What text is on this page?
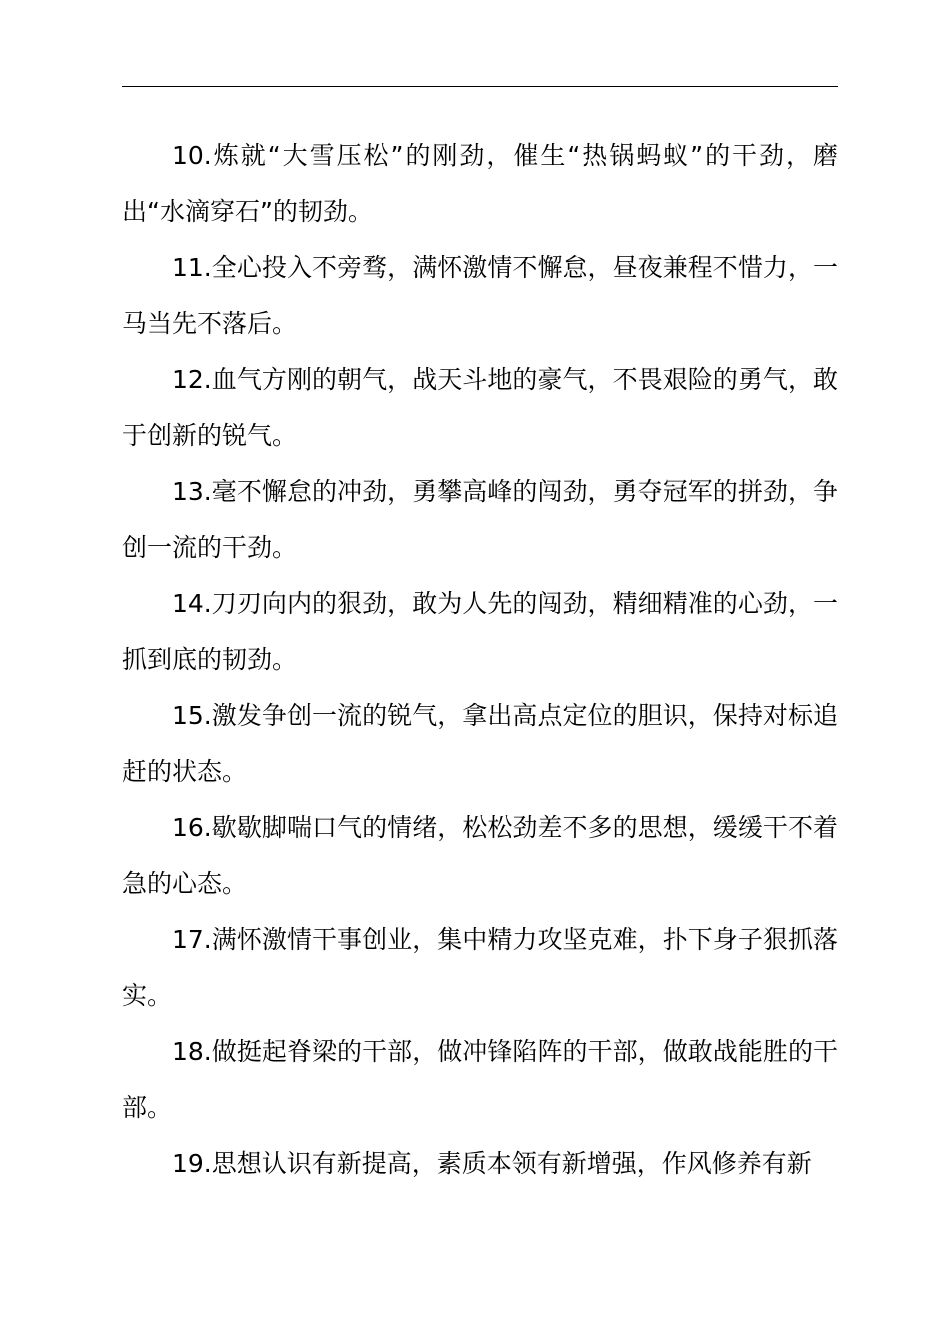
10.炼就“大雪压松”的刚劲，催生“热锅蚂蚁”的干劲，磨出“水滴穿石”的韧劲。

11.全心投入不旁骛，满怀激情不懈怠，昼夜兼程不惜力，一马当先不落后。

12.血气方刚的朝气，战天斗地的豪气，不畏艰险的勇气，敢于创新的锐气。

13.毫不懈怠的冲劲，勇攀高峰的闯劲，勇夺冠军的拼劲，争创一流的干劲。

14.刀刃向内的狠劲，敢为人先的闯劲，精细精准的心劲，一抓到底的韧劲。

15.激发争创一流的锐气，拿出高点定位的胆识，保持对标追赶的状态。

16.歇歇脚喘口气的情绪，松松劲差不多的思想，缓缓干不着急的心态。

17.满怀激情干事创业，集中精力攻坚克难，扑下身子狠抓落实。

18.做挺起脊梁的干部，做冲锋陷阵的干部，做敢战能胜的干部。

19.思想认识有新提高，素质本领有新增强，作风修养有新
